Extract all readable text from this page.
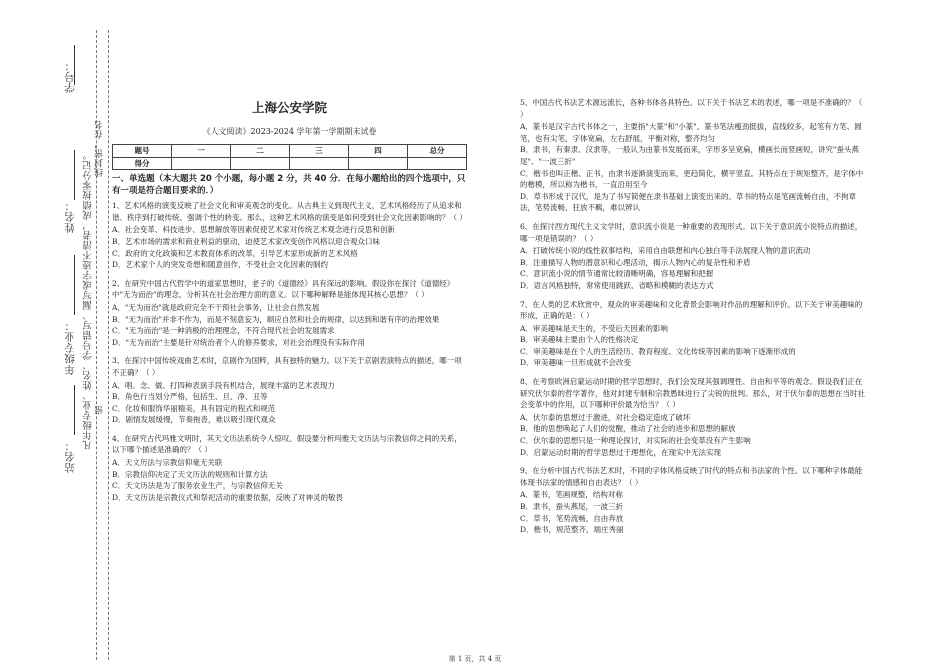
学号：
姓名：
年级专业：
站名：
凡年级专业、姓名、学号错写、漏写或字迹不清者，成绩按零分记。
线封密，在名
密
上海公安学院
《人文阅读》2023-2024 学年第一学期期末试卷
题号	一	二	三	四	总分
得分					
一、单选题（本大题共 20 个小题，每小题 2 分，共 40 分．在每小题给出的四个选项中，只有一项是符合题目要求的．）

1、艺术风格的演变反映了社会文化和审美观念的变化。从古典主义到现代主义，艺术风格经历了从追求和谐、秩序到打破传统、强调个性的转变。那么，这种艺术风格的演变是如何受到社会文化因素影响的？（ ）

A．社会变革、科技进步、思想解放等因素促使艺术家对传统艺术观念进行反思和创新

B．艺术市场的需求和商业利益的驱动，迫使艺术家改变创作风格以迎合观众口味

C．政府的文化政策和艺术教育体系的改革，引导艺术家形成新的艺术风格

D．艺术家个人的突发奇想和随意创作，不受社会文化因素的制约

2、在研究中国古代哲学中的道家思想时，老子的《道德经》具有深远的影响。假设你在探讨《道德经》中"无为而治"的理念，分析其在社会治理方面的意义。以下哪种解释是能体现其核心思想？（ ）

A．"无为而治"就是政府完全不干预社会事务，让社会自然发展

B．"无为而治"并非不作为，而是不刻意妄为，顺应自然和社会的规律，以达到和谐有序的治理效果

C．"无为而治"是一种消极的治理理念，不符合现代社会的发展需求

D．"无为而治"主要是针对统治者个人的修养要求，对社会治理没有实际作用

3、在探讨中国传统戏曲艺术时，京剧作为国粹，具有独特的魅力。以下关于京剧表演特点的描述，哪一项不正确？（ ）

A．唱、念、做、打四种表演手段有机结合，展现丰富的艺术表现力

B．角色行当划分严格，包括生、旦、净、丑等

C．化妆和服饰华丽精美，具有固定的程式和规范

D．剧情发展缓慢，节奏拖沓，难以吸引现代观众

4、在研究古代玛雅文明时，其天文历法系统令人惊叹。假设要分析玛雅天文历法与宗教信仰之间的关系，以下哪个描述是准确的？（ ）

A．天文历法与宗教信仰毫无关联

B．宗教信仰决定了天文历法的规则和计算方法

C．天文历法是为了服务农业生产，与宗教信仰无关

D．天文历法是宗教仪式和祭祀活动的重要依据，反映了对神灵的敬畏

5、中国古代书法艺术源远流长，各种书体各具特色。以下关于书法艺术的表述，哪一项是不准确的？（ ）

A．篆书是汉字古代书体之一，主要指"大篆"和"小篆"。篆书笔法瘦劲挺拔，直线较多，起笔有方笔、圆笔，也有尖笔，字体宽扁，左右舒展，平衡对称，整齐均匀

B．隶书，有秦隶、汉隶等，一般认为由篆书发展而来，字形多呈宽扁，横画长而竖画短，讲究"蚕头燕尾"、"一波三折"

C．楷书也叫正楷、正书，由隶书逐渐演变而来，更趋简化，横平竖直。其特点在于规矩整齐，是字体中的楷模，所以称为楷书，一直沿用至今

D．草书形成于汉代，是为了书写简便在隶书基础上演变出来的。草书的特点是笔画流畅自由，不拘章法，笔势流畅，狂放不羁，难以辨认

6、在探讨西方现代主义文学时，意识流小说是一种重要的表现形式。以下关于意识流小说特点的描述，哪一项是错误的？（ ）

A．打破传统小说的线性叙事结构，采用自由联想和内心独白等手法展现人物的意识流动

B．注重描写人物的潜意识和心理活动，揭示人物内心的复杂性和矛盾

C．意识流小说的情节通常比较清晰明确，容易理解和把握

D．语言风格独特，常常使用跳跃、省略和模糊的表达方式

7、在人类的艺术欣赏中，观众的审美趣味和文化背景会影响对作品的理解和评价。以下关于审美趣味的形成，正确的是：（ ）

A．审美趣味是天生的，不受后天因素的影响

B．审美趣味主要由个人的性格决定

C．审美趣味是在个人的生活经历、教育程度、文化传统等因素的影响下逐渐形成的

D．审美趣味一旦形成就不会改变

8、在考察欧洲启蒙运动时期的哲学思想时，我们会发现其强调理性、自由和平等的观念。假设我们正在研究伏尔泰的哲学著作，他对封建专制和宗教愚昧进行了尖锐的批判。那么，对于伏尔泰的思想在当时社会变革中的作用，以下哪种评价最为恰当？（ ）

A．伏尔泰的思想过于激进，对社会稳定造成了破坏

B．他的思想唤起了人们的觉醒，推动了社会的进步和思想的解放

C．伏尔泰的思想只是一种理论探讨，对实际的社会变革没有产生影响

D．启蒙运动时期的哲学思想过于理想化，在现实中无法实现

9、在分析中国古代书法艺术时，不同的字体风格反映了时代的特点和书法家的个性。以下哪种字体最能体现书法家的情感和自由表达？（ ）

A．篆书，笔画规整，结构对称

B．隶书，蚕头燕尾，一波三折

C．草书，笔势流畅，自由奔放

D．楷书，规范整齐，端庄秀丽

第 1 页，共 4 页
